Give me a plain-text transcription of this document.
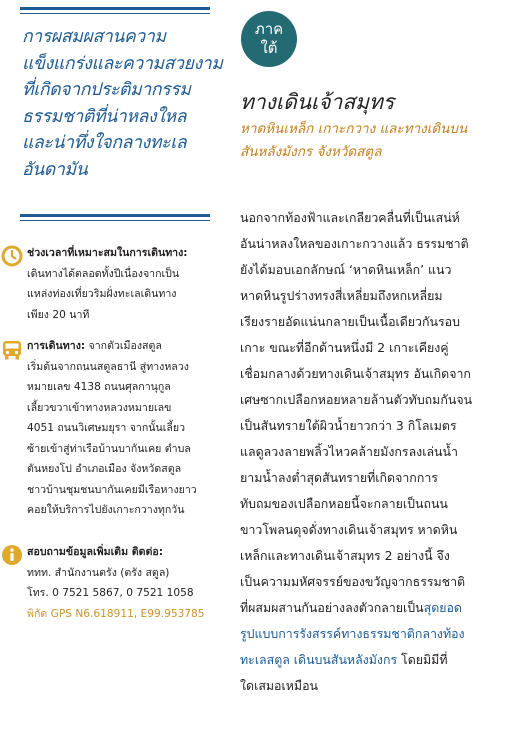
การผสมผสานความ
แข็งแกร่งและความสวยงาม
ที่เกิดจากประติมากรรม
ธรรมชาติที่น่าหลงใหล
และน่าทึ่งใจกลางทะเล
อันดามัน
ช่วงเวลาที่เหมาะสมในการเดินทาง:
เดินทางได้ตลอดทั้งปีเนื่องจากเป็น
แหล่งท่องเที่ยวริมฝั่งทะเลเดินทาง
เพียง 20 นาที
การเดินทาง: จากตัวเมืองสตูล
เริ่มต้นจากถนนสตูลธานี สู่ทางหลวง
หมายเลข 4138 ถนนศุลกานุกูล
เลี้ยวขวาเข้าทางหลวงหมายเลข
4051 ถนนวิเศษมยุรา จากนั้นเลี้ยว
ซ้ายเข้าสู่ท่าเรือบ้านบากันเคย ตำบล
ตันหยงโป อำเภอเมือง จังหวัดสตูล
ชาวบ้านชุมชนบากันเคยมีเรือหางยาว
คอยให้บริการไปยังเกาะกวางทุกวัน
สอบถามข้อมูลเพิ่มเติม ติดต่อ:
ททท. สำนักงานตรัง (ตรัง สตูล)
โทร. 0 7521 5867, 0 7521 1058
พิกัด GPS N6.618911, E99.953785
ภาค
ใต้
ทางเดินเจ้าสมุทร
หาดหินเหล็ก เกาะกวาง และทางเดินบน
สันหลังมังกร จังหวัดสตูล
นอกจากท้องฟ้าและเกลียวคลื่นที่เป็นเสน่ห์
อันน่าหลงใหลของเกาะกวางแล้ว ธรรมชาติ
ยังได้มอบเอกลักษณ์ ‘หาดหินเหล็ก’ แนว
หาดหินรูปร่างทรงสี่เหลี่ยมถึงหกเหลี่ยม
เรียงรายอัดแน่นกลายเป็นเนื้อเดียวกันรอบ
เกาะ ขณะที่อีกด้านหนึ่งมี 2 เกาะเคียงคู่
เชื่อมกลางด้วยทางเดินเจ้าสมุทร อันเกิดจาก
เศษซากเปลือกหอยหลายล้านตัวทับถมกันจน
เป็นสันทรายใต้ผิวน้ำยาวกว่า 3 กิโลเมตร
แลดูลวงลายพลิ้วไหวคล้ายมังกรลงเล่นน้ำ
ยามน้ำลงต่ำสุดสันทรายที่เกิดจากการ
ทับถมของเปลือกหอยนี้จะกลายเป็นถนน
ขาวโพลนดุจดั่งทางเดินเจ้าสมุทร หาดหิน
เหล็กและทางเดินเจ้าสมุทร 2 อย่างนี้ จึง
เป็นความมหัศจรรย์ของขวัญจากธรรมชาติ
ที่ผสมผสานกันอย่างลงตัวกลายเป็นสุดยอด
รูปแบบการรังสรรค์ทางธรรมชาติกลางท้อง
ทะเลสตูล เดินบนสันหลังมังกร โดยมิมีที่
ใดเสมอเหมือน
